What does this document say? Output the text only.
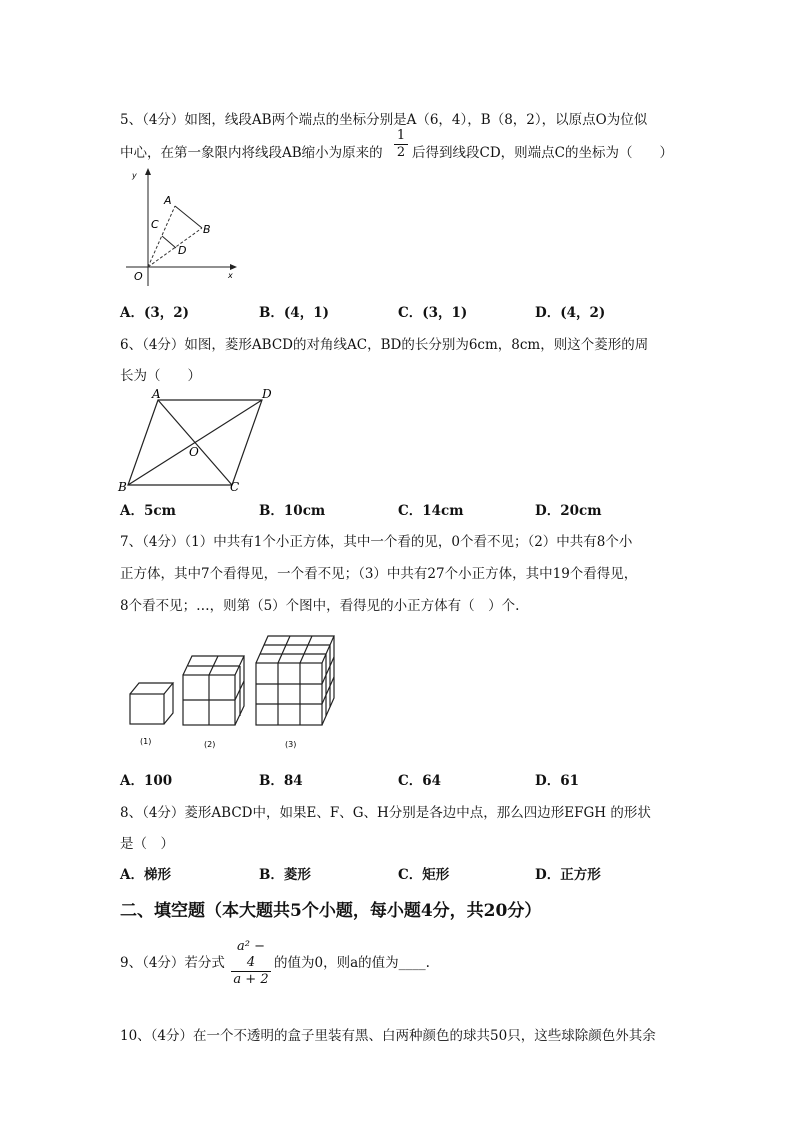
5、（4分）如图，线段AB两个端点的坐标分别是A（6，4），B（8，2），以原点O为位似
中心，在第一象限内将线段AB缩小为原来的
1
2 后得到线段CD，则端点C的坐标为（　　）
y
x
A
B
C
D
O
A．(3，2)	B．(4，1)	C．(3，1)	D．(4，2)
6、（4分）如图，菱形ABCD的对角线AC，BD的长分别为6cm，8cm，则这个菱形的周
长为（　　）
A	D
B	C
O
A．5cm	B．10cm	C．14cm	D．20cm
7、（4分）（1）中共有1个小正方体，其中一个看的见，0个看不见；（2）中共有8个小
正方体，其中7个看得见，一个看不见；（3）中共有27个小正方体，其中19个看得见，
8个看不见；…，则第（5）个图中，看得见的小正方体有（　）个.
(1)	(2)	(3)
A．100	B．84	C．64	D．61
8、（4分）菱形ABCD中，如果E、F、G、H分别是各边中点，那么四边形EFGH 的形状
是（　）
A．梯形	B．菱形	C．矩形	D．正方形
二、填空题（本大题共5个小题，每小题4分，共20分）
9、（4分）若分式
a² − 4
a + 2
的值为0，则a的值为____.
10、（4分）在一个不透明的盒子里装有黑、白两种颜色的球共50只，这些球除颜色外其余
